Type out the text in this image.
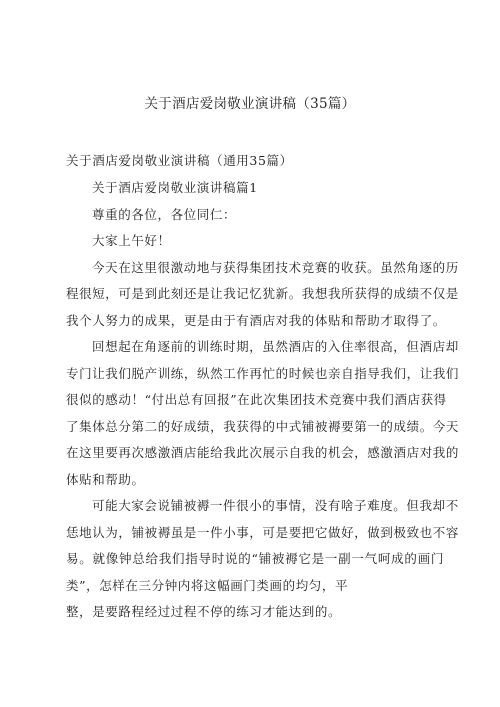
关于酒店爱岗敬业演讲稿（35篇）
关于酒店爱岗敬业演讲稿（通用35篇）
关于酒店爱岗敬业演讲稿篇1
尊重的各位，各位同仁：
大家上午好！
今天在这里很激动地与获得集团技术竞赛的收获。虽然角逐的历
程很短，可是到此刻还是让我记忆犹新。我想我所获得的成绩不仅是
我个人努力的成果，更是由于有酒店对我的体贴和帮助才取得了。
回想起在角逐前的训练时期，虽然酒店的入住率很高，但酒店却
专门让我们脱产训练，纵然工作再忙的时候也亲自指导我们，让我们
很似的感动！“付出总有回报”在此次集团技术竞赛中我们酒店获得
了集体总分第二的好成绩，我获得的中式铺被褥要第一的成绩。今天
在这里要再次感激酒店能给我此次展示自我的机会，感激酒店对我的
体贴和帮助。
可能大家会说铺被褥一件很小的事情，没有啥子难度。但我却不
恁地认为，铺被褥虽是一件小事，可是要把它做好，做到极致也不容
易。就像钟总给我们指导时说的“铺被褥它是一副一气呵成的画门
类”，怎样在三分钟内将这幅画门类画的均匀，平
整，是要路程经过过程不停的练习才能达到的。
